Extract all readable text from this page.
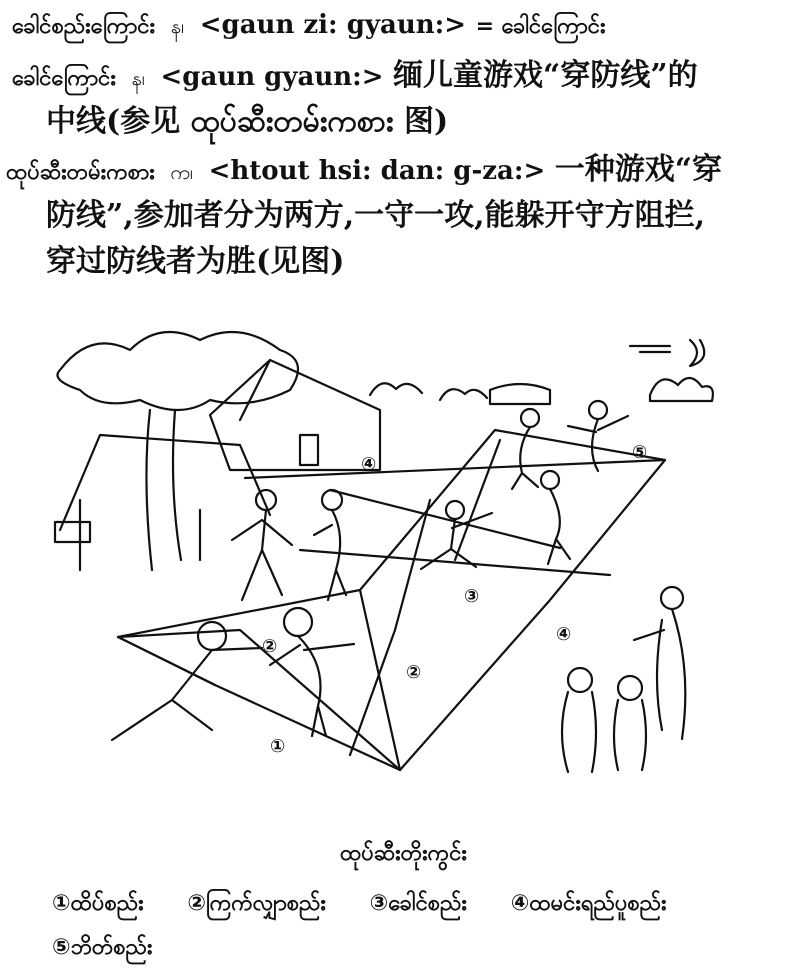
ခေါင်စည်းကြောင်း န၊ <gaun zi: gyaun:> = ခေါင်ကြောင်း
ခေါင်ကြောင်း န၊ <gaun gyaun:> 缅儿童游戏“穿防线”的
中线(参见 ထုပ်ဆီးတမ်းကစား 图)
ထုပ်ဆီးတမ်းကစား က၊ <htout hsi: dan: g-za:> 一种游戏“穿
防线”,参加者分为两方,一守一攻,能躲开守方阻拦,
穿过防线者为胜(见图)
④
⑤
③
④
②
②
①
ထုပ်ဆီးတိုးကွင်း
①ထိပ်စည်း ②ကြက်လျှာစည်း ③ခေါင်စည်း ④ထမင်းရည်ပူစည်း
⑤ဘိတ်စည်း
